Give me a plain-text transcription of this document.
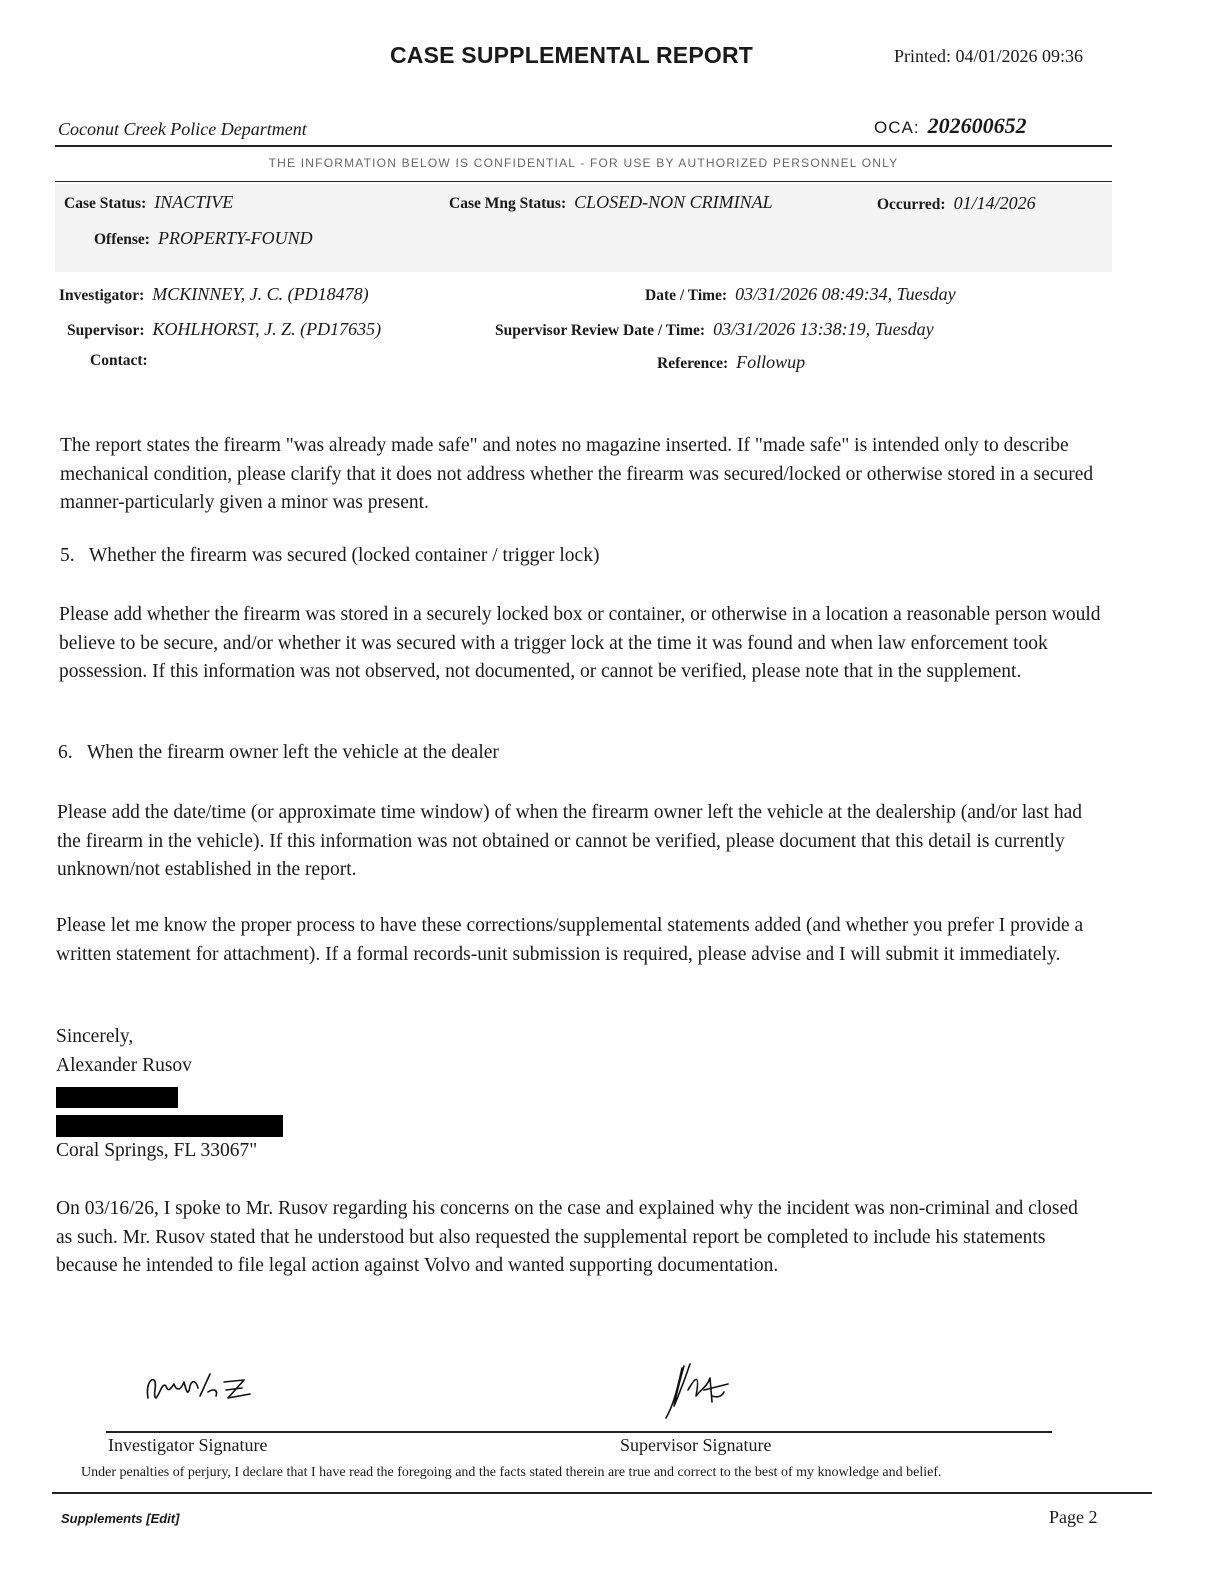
CASE SUPPLEMENTAL REPORT	Printed: 04/01/2026 09:36
Coconut Creek Police Department	OCA: 202600652
THE INFORMATION BELOW IS CONFIDENTIAL - FOR USE BY AUTHORIZED PERSONNEL ONLY
Case Status: INACTIVE	Case Mng Status: CLOSED-NON CRIMINAL	Occurred: 01/14/2026
Offense: PROPERTY-FOUND
Investigator: MCKINNEY, J. C. (PD18478)	Date / Time: 03/31/2026 08:49:34, Tuesday
Supervisor: KOHLHORST, J. Z. (PD17635)	Supervisor Review Date / Time: 03/31/2026 13:38:19, Tuesday
Contact:	Reference: Followup
The report states the firearm "was already made safe" and notes no magazine inserted. If "made safe" is intended only to describe mechanical condition, please clarify that it does not address whether the firearm was secured/locked or otherwise stored in a secured manner-particularly given a minor was present.
5.   Whether the firearm was secured (locked container / trigger lock)
Please add whether the firearm was stored in a securely locked box or container, or otherwise in a location a reasonable person would believe to be secure, and/or whether it was secured with a trigger lock at the time it was found and when law enforcement took possession. If this information was not observed, not documented, or cannot be verified, please note that in the supplement.
6.   When the firearm owner left the vehicle at the dealer
Please add the date/time (or approximate time window) of when the firearm owner left the vehicle at the dealership (and/or last had the firearm in the vehicle). If this information was not obtained or cannot be verified, please document that this detail is currently unknown/not established in the report.
Please let me know the proper process to have these corrections/supplemental statements added (and whether you prefer I provide a written statement for attachment). If a formal records-unit submission is required, please advise and I will submit it immediately.
Sincerely,
Alexander Rusov
Coral Springs, FL 33067"
On 03/16/26, I spoke to Mr. Rusov regarding his concerns on the case and explained why the incident was non-criminal and closed as such. Mr. Rusov stated that he understood but also requested the supplemental report be completed to include his statements because he intended to file legal action against Volvo and wanted supporting documentation.
Investigator Signature	Supervisor Signature
Under penalties of perjury, I declare that I have read the foregoing and the facts stated therein are true and correct to the best of my knowledge and belief.
Supplements [Edit]	Page 2
